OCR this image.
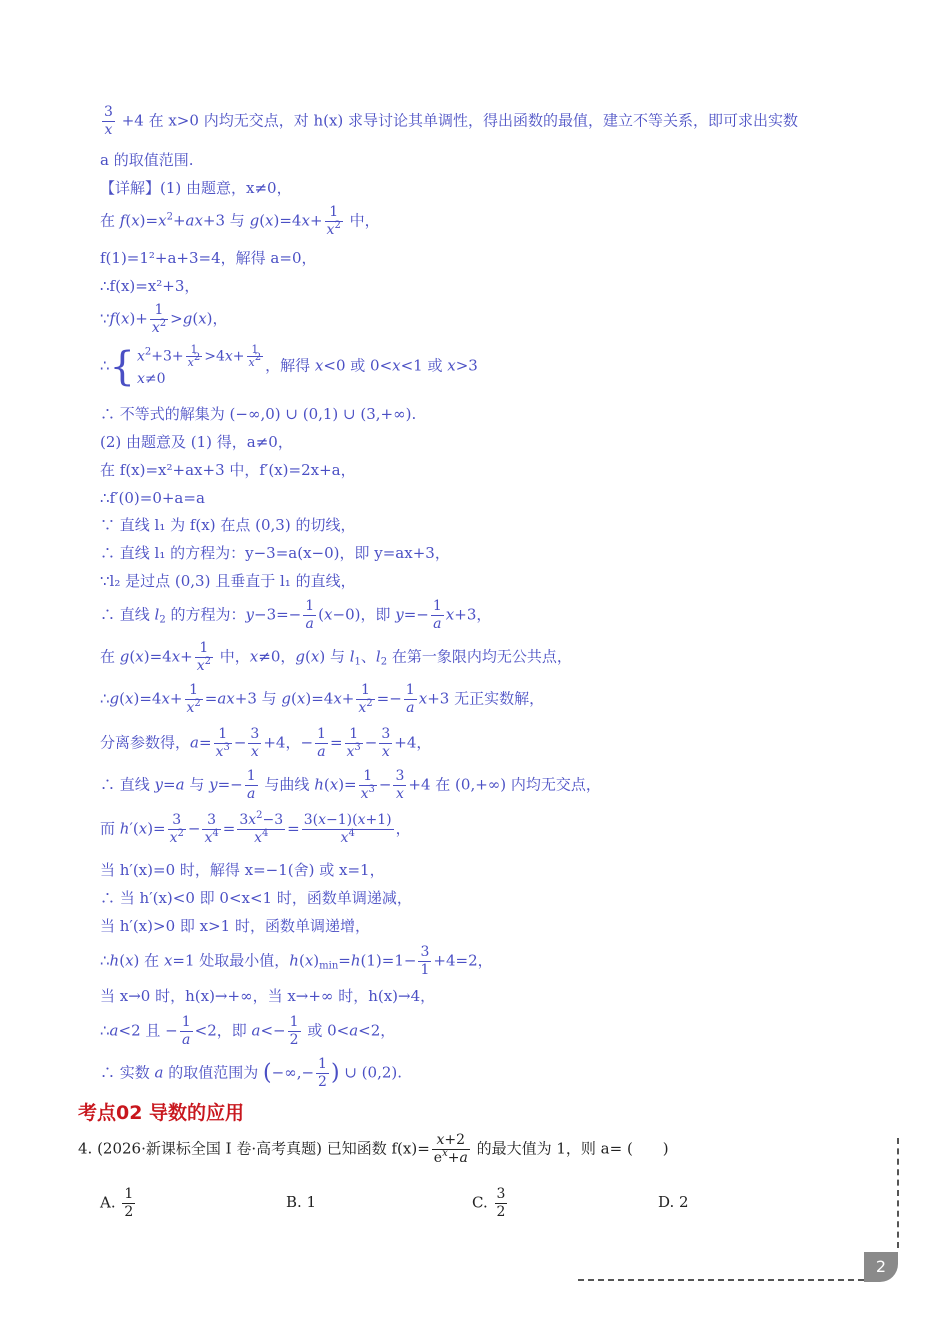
$\frac{3}{x} +4$ 在 x>0 内均无交点，对 h(x) 求导讨论其单调性，得出函数的最值，建立不等关系，即可求出实数
a 的取值范围.
【详解】(1) 由题意，x≠0，
在 $f(x)=x^2+ax+3$ 与 $g(x)=4x+ \frac{1}{x^2}$ 中，
f(1)=1²+a+3=4，解得 a=0，
∴f(x)=x²+3，
∵f(x)+ $\frac{1}{x^2} >g(x)$，
∴{ $x^2+3+ \frac{1}{x^2} >4x+ \frac{1}{x^2}$

x≠0，解得 x<0 或 0<x<1 或 x>3
∴ 不等式的解集为 (−∞,0) ∪ (0,1) ∪ (3,+∞).
(2) 由题意及 (1) 得，a≠0，
在 f(x)=x²+ax+3 中，f′(x)=2x+a，
∴f′(0)=0+a=a
∵ 直线 l₁ 为 f(x) 在点 (0,3) 的切线，
∴ 直线 l₁ 的方程为：y−3=a(x−0)，即 y=ax+3，
∵l₂ 是过点 (0,3) 且垂直于 l₁ 的直线，
∴ 直线 $l_2$ 的方程为：$y-3=- \frac{1}{a} (x-0)$，即 $y=- \frac{1}{a} x+3$，
在 $g(x)=4x+ \frac{1}{x^2}$ 中，x≠0，g(x) 与 $l_1$、$l_2$ 在第一象限内均无公共点，
∴g(x)=4x+ $\frac{1}{x^2} =ax+3$ 与 $g(x)=4x+ \frac{1}{x^2} =- \frac{1}{a} x+3$ 无正实数解，
分离参数得，$a= \frac{1}{x^3} - \frac{3}{x} +4$，− $\frac{1}{a} = \frac{1}{x^3} - \frac{3}{x} +4$，
∴ 直线 y=a 与 $y=- \frac{1}{a}$ 与曲线 $h(x)= \frac{1}{x^3} - \frac{3}{x} +4$ 在 (0,+∞) 内均无交点，
而 $h'(x)= \frac{3}{x^2} - \frac{3}{x^4} = \frac{3x^2-3}{x^4} = \frac{3(x-1)(x+1)}{x^4}$ ，
当 h′(x)=0 时，解得 x=−1(舍) 或 x=1，
∴ 当 h′(x)<0 即 0<x<1 时，函数单调递减，
当 h′(x)>0 即 x>1 时，函数单调递增，
∴h(x) 在 x=1 处取最小值，$h(x)_{min}=h(1)=1- \frac{3}{1} +4=2$，
当 x→0 时，h(x)→+∞，当 x→+∞ 时，h(x)→4，
∴a<2 且 − $\frac{1}{a} <2$，即 $a<- \frac{1}{2}$ 或 0<a<2，
∴ 实数 a 的取值范围为 (−∞,− $\frac{1}{2}$ ) ∪ (0,2).
考点02 导数的应用
4. (2026·新课标全国 I 卷·高考真题) 已知函数 $f(x)= \frac{x+2}{e^x+a}$ 的最大值为 1，则 a= (　　)
A. $\frac{1}{2}$	B. 1	C. $\frac{3}{2}$	D. 2
2
